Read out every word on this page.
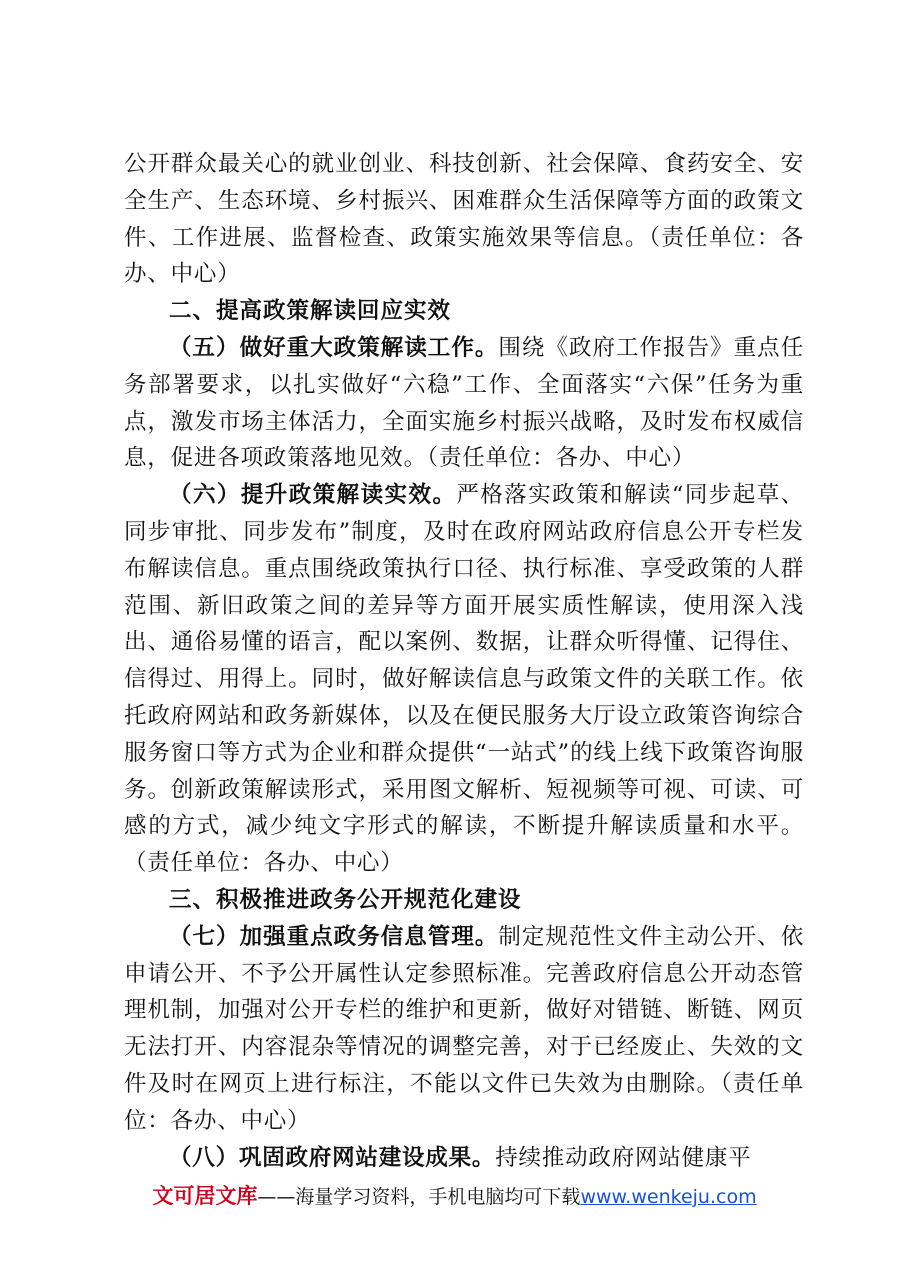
公开群众最关心的就业创业、科技创新、社会保障、食药安全、安全生产、生态环境、乡村振兴、困难群众生活保障等方面的政策文件、工作进展、监督检查、政策实施效果等信息。（责任单位：各办、中心）

二、提高政策解读回应实效

（五）做好重大政策解读工作。围绕《政府工作报告》重点任务部署要求，以扎实做好“六稳”工作、全面落实“六保”任务为重点，激发市场主体活力，全面实施乡村振兴战略，及时发布权威信息，促进各项政策落地见效。（责任单位：各办、中心）

（六）提升政策解读实效。严格落实政策和解读“同步起草、同步审批、同步发布”制度，及时在政府网站政府信息公开专栏发布解读信息。重点围绕政策执行口径、执行标准、享受政策的人群范围、新旧政策之间的差异等方面开展实质性解读，使用深入浅出、通俗易懂的语言，配以案例、数据，让群众听得懂、记得住、信得过、用得上。同时，做好解读信息与政策文件的关联工作。依托政府网站和政务新媒体，以及在便民服务大厅设立政策咨询综合服务窗口等方式为企业和群众提供“一站式”的线上线下政策咨询服务。创新政策解读形式，采用图文解析、短视频等可视、可读、可感的方式，减少纯文字形式的解读，不断提升解读质量和水平。（责任单位：各办、中心）

三、积极推进政务公开规范化建设

（七）加强重点政务信息管理。制定规范性文件主动公开、依申请公开、不予公开属性认定参照标准。完善政府信息公开动态管理机制，加强对公开专栏的维护和更新，做好对错链、断链、网页无法打开、内容混杂等情况的调整完善，对于已经废止、失效的文件及时在网页上进行标注，不能以文件已失效为由删除。（责任单位：各办、中心）

（八）巩固政府网站建设成果。持续推动政府网站健康平

文可居文库——海量学习资料，手机电脑均可下载www.wenkeju.com
